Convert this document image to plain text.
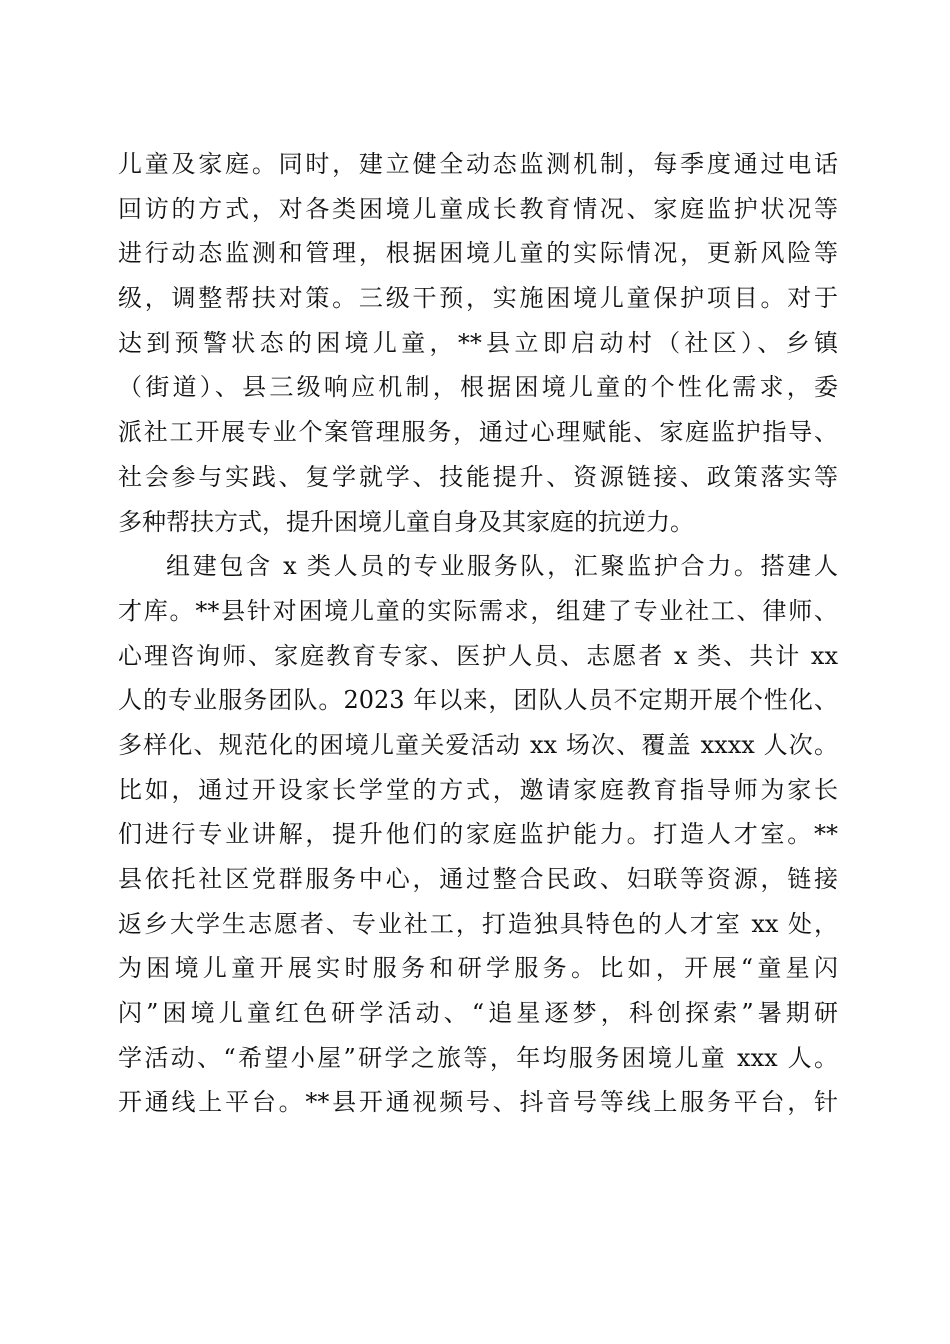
儿童及家庭。同时，建立健全动态监测机制，每季度通过电话
回访的方式，对各类困境儿童成长教育情况、家庭监护状况等
进行动态监测和管理，根据困境儿童的实际情况，更新风险等
级，调整帮扶对策。三级干预，实施困境儿童保护项目。对于
达到预警状态的困境儿童，**县立即启动村（社区）、乡镇
（街道）、县三级响应机制，根据困境儿童的个性化需求，委
派社工开展专业个案管理服务，通过心理赋能、家庭监护指导、
社会参与实践、复学就学、技能提升、资源链接、政策落实等
多种帮扶方式，提升困境儿童自身及其家庭的抗逆力。
组建包含 x 类人员的专业服务队，汇聚监护合力。搭建人
才库。**县针对困境儿童的实际需求，组建了专业社工、律师、
心理咨询师、家庭教育专家、医护人员、志愿者 x 类、共计 xx
人的专业服务团队。2023 年以来，团队人员不定期开展个性化、
多样化、规范化的困境儿童关爱活动 xx 场次、覆盖 xxxx 人次。
比如，通过开设家长学堂的方式，邀请家庭教育指导师为家长
们进行专业讲解，提升他们的家庭监护能力。打造人才室。**
县依托社区党群服务中心，通过整合民政、妇联等资源，链接
返乡大学生志愿者、专业社工，打造独具特色的人才室 xx 处，
为困境儿童开展实时服务和研学服务。比如，开展“童星闪
闪”困境儿童红色研学活动、“追星逐梦，科创探索”暑期研
学活动、“希望小屋”研学之旅等，年均服务困境儿童 xxx 人。
开通线上平台。**县开通视频号、抖音号等线上服务平台，针
